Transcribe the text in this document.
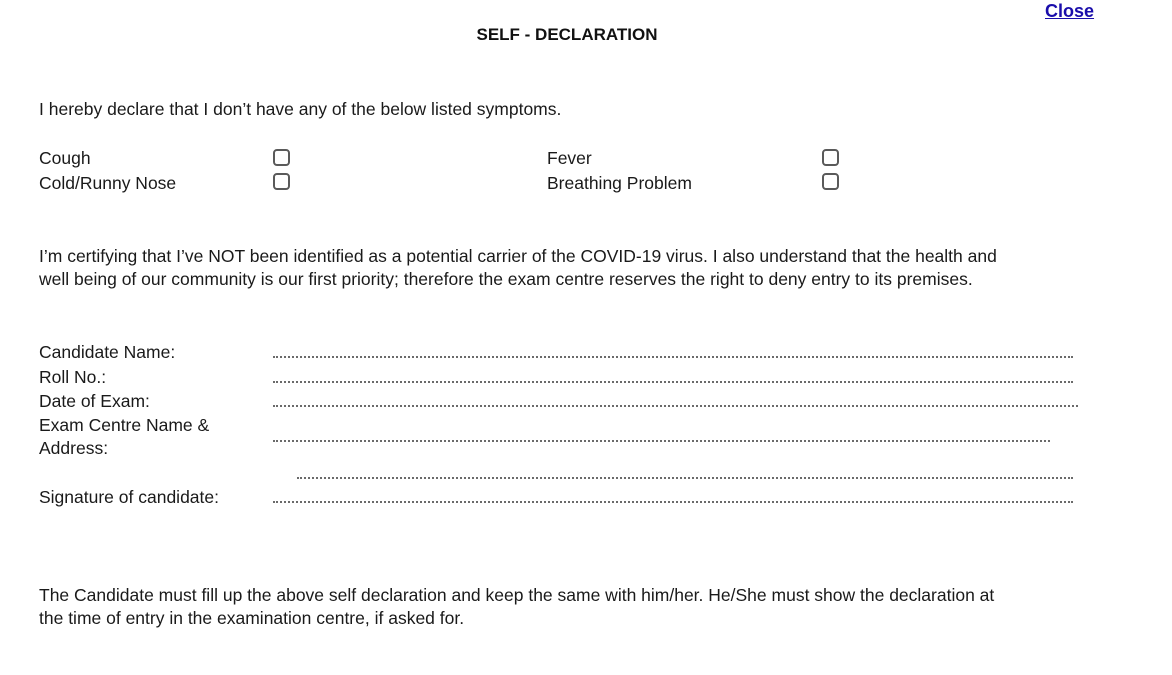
Close
SELF - DECLARATION
I hereby declare that I don’t have any of the below listed symptoms.
Cough
Cold/Runny Nose
Fever
Breathing Problem
I’m certifying that I’ve NOT been identified as a potential carrier of the COVID-19 virus. I also understand that the health and
well being of our community is our first priority; therefore the exam centre reserves the right to deny entry to its premises.
Candidate Name:
Roll No.:
Date of Exam:
Exam Centre Name &
Address:
Signature of candidate:
The Candidate must fill up the above self declaration and keep the same with him/her. He/She must show the declaration at
the time of entry in the examination centre, if asked for.
